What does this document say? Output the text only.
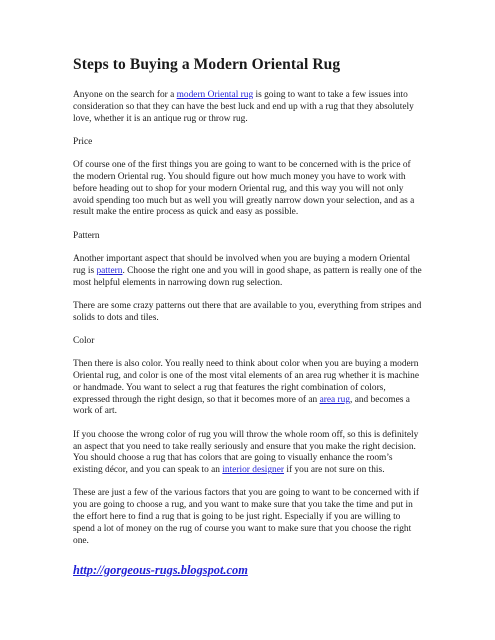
Steps to Buying a Modern Oriental Rug

Anyone on the search for a modern Oriental rug is going to want to take a few issues into consideration so that they can have the best luck and end up with a rug that they absolutely love, whether it is an antique rug or throw rug.

Price

Of course one of the first things you are going to want to be concerned with is the price of the modern Oriental rug. You should figure out how much money you have to work with before heading out to shop for your modern Oriental rug, and this way you will not only avoid spending too much but as well you will greatly narrow down your selection, and as a result make the entire process as quick and easy as possible.

Pattern

Another important aspect that should be involved when you are buying a modern Oriental rug is pattern. Choose the right one and you will in good shape, as pattern is really one of the most helpful elements in narrowing down rug selection.

There are some crazy patterns out there that are available to you, everything from stripes and solids to dots and tiles.

Color

Then there is also color. You really need to think about color when you are buying a modern Oriental rug, and color is one of the most vital elements of an area rug whether it is machine or handmade. You want to select a rug that features the right combination of colors, expressed through the right design, so that it becomes more of an area rug, and becomes a work of art.

If you choose the wrong color of rug you will throw the whole room off, so this is definitely an aspect that you need to take really seriously and ensure that you make the right decision. You should choose a rug that has colors that are going to visually enhance the room’s existing décor, and you can speak to an interior designer if you are not sure on this.

These are just a few of the various factors that you are going to want to be concerned with if you are going to choose a rug, and you want to make sure that you take the time and put in the effort here to find a rug that is going to be just right. Especially if you are willing to spend a lot of money on the rug of course you want to make sure that you choose the right one.

http://gorgeous-rugs.blogspot.com
